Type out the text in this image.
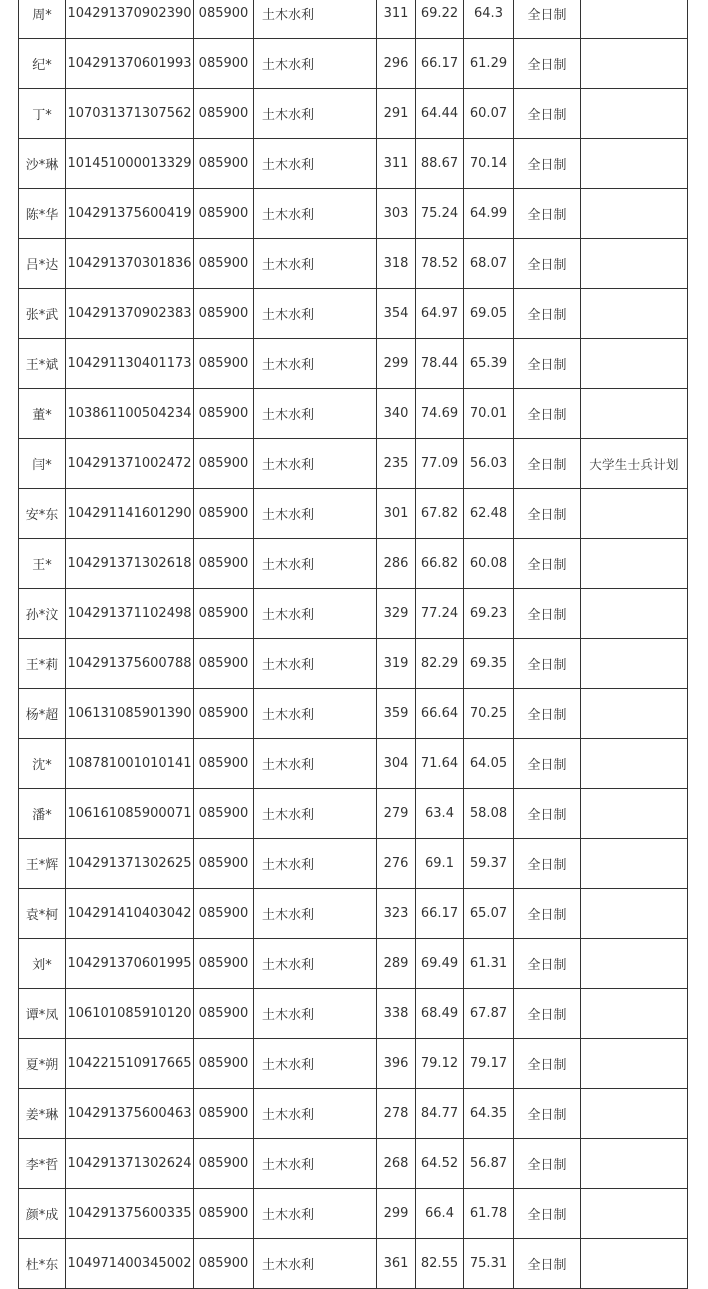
周*	104291370902390	085900	土木水利	311	69.22	64.3	全日制	
纪*	104291370601993	085900	土木水利	296	66.17	61.29	全日制	
丁*	107031371307562	085900	土木水利	291	64.44	60.07	全日制	
沙*琳	101451000013329	085900	土木水利	311	88.67	70.14	全日制	
陈*华	104291375600419	085900	土木水利	303	75.24	64.99	全日制	
吕*达	104291370301836	085900	土木水利	318	78.52	68.07	全日制	
张*武	104291370902383	085900	土木水利	354	64.97	69.05	全日制	
王*斌	104291130401173	085900	土木水利	299	78.44	65.39	全日制	
董*	103861100504234	085900	土木水利	340	74.69	70.01	全日制	
闫*	104291371002472	085900	土木水利	235	77.09	56.03	全日制	大学生士兵计划
安*东	104291141601290	085900	土木水利	301	67.82	62.48	全日制	
王*	104291371302618	085900	土木水利	286	66.82	60.08	全日制	
孙*汶	104291371102498	085900	土木水利	329	77.24	69.23	全日制	
王*莉	104291375600788	085900	土木水利	319	82.29	69.35	全日制	
杨*超	106131085901390	085900	土木水利	359	66.64	70.25	全日制	
沈*	108781001010141	085900	土木水利	304	71.64	64.05	全日制	
潘*	106161085900071	085900	土木水利	279	63.4	58.08	全日制	
王*辉	104291371302625	085900	土木水利	276	69.1	59.37	全日制	
袁*柯	104291410403042	085900	土木水利	323	66.17	65.07	全日制	
刘*	104291370601995	085900	土木水利	289	69.49	61.31	全日制	
谭*凤	106101085910120	085900	土木水利	338	68.49	67.87	全日制	
夏*朔	104221510917665	085900	土木水利	396	79.12	79.17	全日制	
姜*琳	104291375600463	085900	土木水利	278	84.77	64.35	全日制	
李*哲	104291371302624	085900	土木水利	268	64.52	56.87	全日制	
颜*成	104291375600335	085900	土木水利	299	66.4	61.78	全日制	
杜*东	104971400345002	085900	土木水利	361	82.55	75.31	全日制	
